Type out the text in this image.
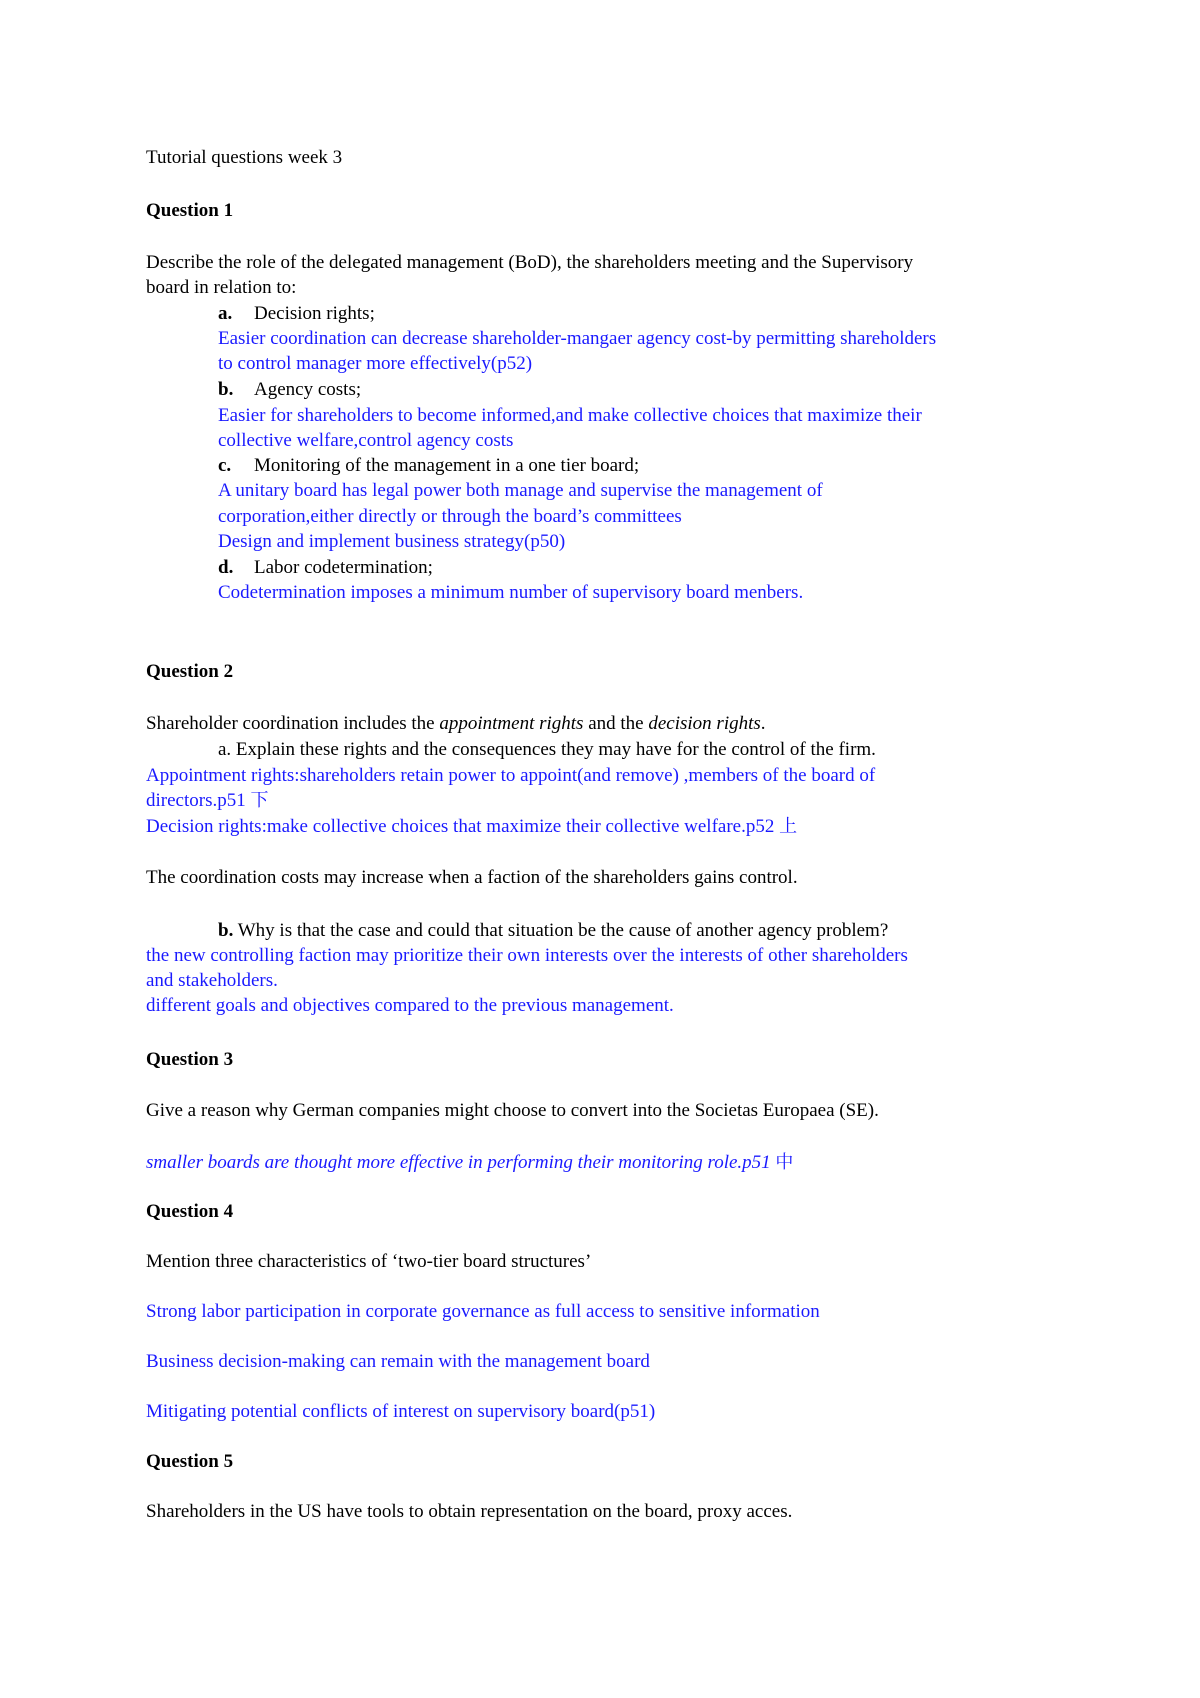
Tutorial questions week 3
Question 1
Describe the role of the delegated management (BoD), the shareholders meeting and the Supervisory
board in relation to:
a. Decision rights;
Easier coordination can decrease shareholder-mangaer agency cost-by permitting shareholders
to control manager more effectively(p52)
b. Agency costs;
Easier for shareholders to become informed,and make collective choices that maximize their
collective welfare,control agency costs
c. Monitoring of the management in a one tier board;
A unitary board has legal power both manage and supervise the management of
corporation,either directly or through the board’s committees
Design and implement business strategy(p50)
d. Labor codetermination;
Codetermination imposes a minimum number of supervisory board menbers.
Question 2
Shareholder coordination includes the appointment rights and the decision rights.
a. Explain these rights and the consequences they may have for the control of the firm.
Appointment rights:shareholders retain power to appoint(and remove) ,members of the board of
directors.p51 下
Decision rights:make collective choices that maximize their collective welfare.p52 上
The coordination costs may increase when a faction of the shareholders gains control.
b. Why is that the case and could that situation be the cause of another agency problem?
the new controlling faction may prioritize their own interests over the interests of other shareholders
and stakeholders.
different goals and objectives compared to the previous management.
Question 3
Give a reason why German companies might choose to convert into the Societas Europaea (SE).
smaller boards are thought more effective in performing their monitoring role.p51 中
Question 4
Mention three characteristics of ‘two-tier board structures’
Strong labor participation in corporate governance as full access to sensitive information
Business decision-making can remain with the management board
Mitigating potential conflicts of interest on supervisory board(p51)
Question 5
Shareholders in the US have tools to obtain representation on the board, proxy acces.
